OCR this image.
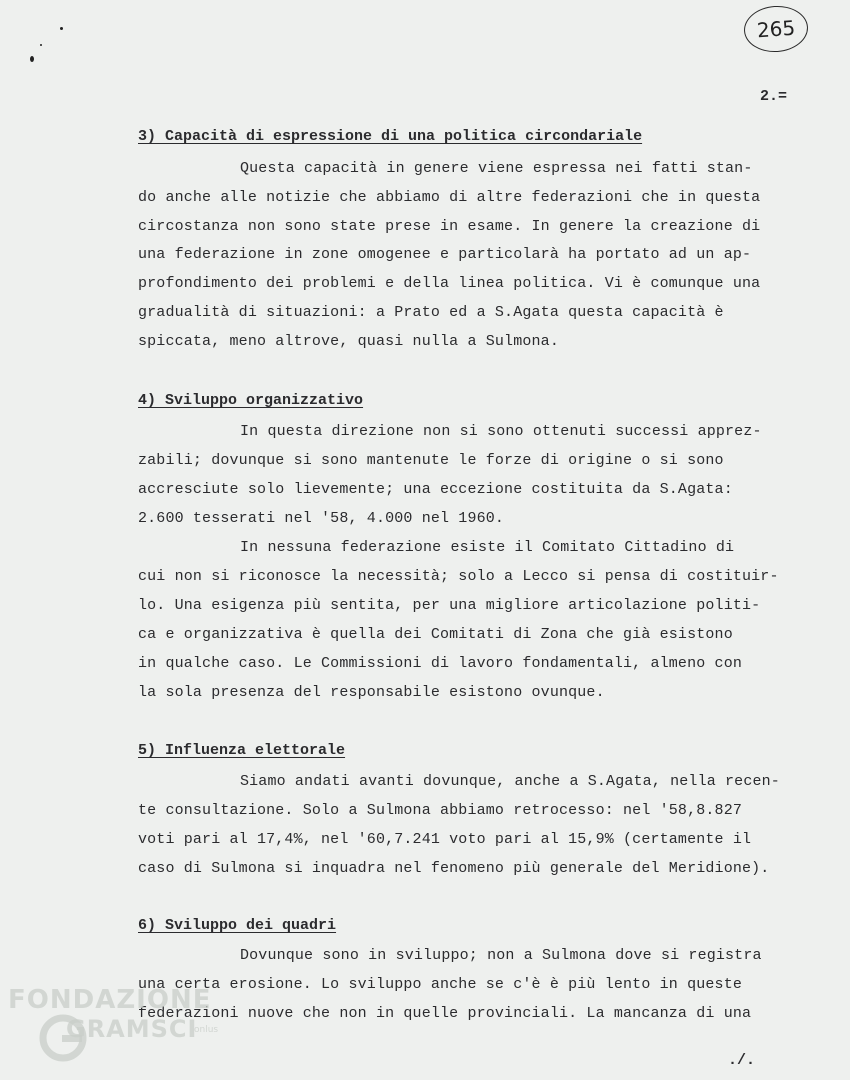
265
2.=
3) Capacità di espressione di una politica circondariale
Questa capacità in genere viene espressa nei fatti stan-
do anche alle notizie che abbiamo di altre federazioni che in questa
circostanza non sono state prese in esame. In genere la creazione di
una federazione in zone omogenee e particolarà ha portato ad un ap-
profondimento dei problemi e della linea politica. Vi è comunque una
gradualità di situazioni: a Prato ed a S.Agata questa capacità è
spiccata, meno altrove, quasi nulla a Sulmona.
4) Sviluppo organizzativo
In questa direzione non si sono ottenuti successi apprez-
zabili; dovunque si sono mantenute le forze di origine o si sono
accresciute solo lievemente; una eccezione costituita da S.Agata:
2.600 tesserati nel '58, 4.000 nel 1960.
In nessuna federazione esiste il Comitato Cittadino di
cui non si riconosce la necessità; solo a Lecco si pensa di costituir-
lo. Una esigenza più sentita, per una migliore articolazione politi-
ca e organizzativa è quella dei Comitati di Zona che già esistono
in qualche caso. Le Commissioni di lavoro fondamentali, almeno con
la sola presenza del responsabile esistono ovunque.
5) Influenza elettorale
Siamo andati avanti dovunque, anche a S.Agata, nella recen-
te consultazione. Solo a Sulmona abbiamo retrocesso: nel '58,8.827
voti pari al 17,4%, nel '60,7.241 voto pari al 15,9% (certamente il
caso di Sulmona si inquadra nel fenomeno più generale del Meridione).
6) Sviluppo dei quadri
Dovunque sono in sviluppo; non a Sulmona dove si registra
una certa erosione. Lo sviluppo anche se c'è è più lento in queste
federazioni nuove che non in quelle provinciali. La mancanza di una
./.
FONDAZIONE
GRAMSCI
onlus
